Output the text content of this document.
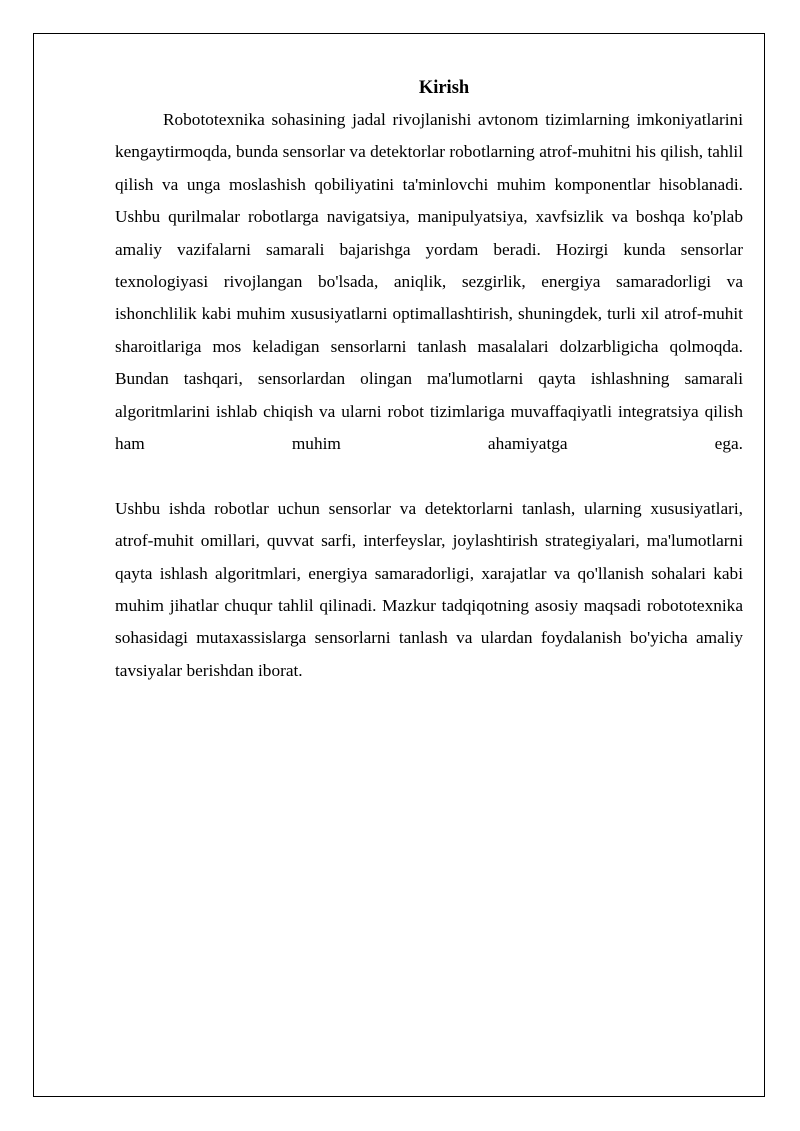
Kirish

Robototexnika sohasining jadal rivojlanishi avtonom tizimlarning imkoniyatlarini kengaytirmoqda, bunda sensorlar va detektorlar robotlarning atrof-muhitni his qilish, tahlil qilish va unga moslashish qobiliyatini ta'minlovchi muhim komponentlar hisoblanadi. Ushbu qurilmalar robotlarga navigatsiya, manipulyatsiya, xavfsizlik va boshqa ko'plab amaliy vazifalarni samarali bajarishga yordam beradi. Hozirgi kunda sensorlar texnologiyasi rivojlangan bo'lsada, aniqlik, sezgirlik, energiya samaradorligi va ishonchlilik kabi muhim xususiyatlarni optimallashtirish, shuningdek, turli xil atrof-muhit sharoitlariga mos keladigan sensorlarni tanlash masalalari dolzarbligicha qolmoqda. Bundan tashqari, sensorlardan olingan ma'lumotlarni qayta ishlashning samarali algoritmlarini ishlab chiqish va ularni robot tizimlariga muvaffaqiyatli integratsiya qilish ham muhim ahamiyatga ega.

Ushbu ishda robotlar uchun sensorlar va detektorlarni tanlash, ularning xususiyatlari, atrof-muhit omillari, quvvat sarfi, interfeyslar, joylashtirish strategiyalari, ma'lumotlarni qayta ishlash algoritmlari, energiya samaradorligi, xarajatlar va qo'llanish sohalari kabi muhim jihatlar chuqur tahlil qilinadi. Mazkur tadqiqotning asosiy maqsadi robototexnika sohasidagi mutaxassislarga sensorlarni tanlash va ulardan foydalanish bo'yicha amaliy tavsiyalar berishdan iborat.
